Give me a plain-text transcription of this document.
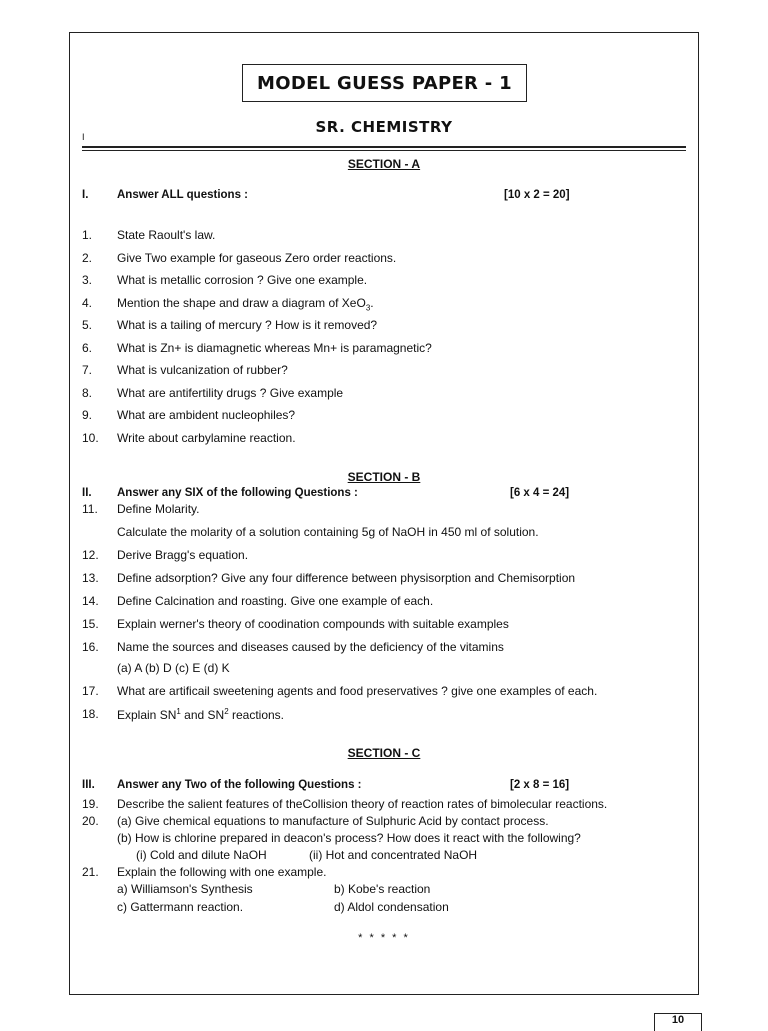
MODEL GUESS PAPER - 1
SR. CHEMISTRY
I
SECTION - A
I. Answer ALL questions :	[10 x 2 = 20]
1. State Raoult's law.
2. Give Two example for gaseous Zero order reactions.
3. What is metallic corrosion ? Give one example.
4. Mention the shape and draw a diagram of XeO$_3$.
5. What is a tailing of mercury ? How is it removed?
6. What is Zn+ is diamagnetic whereas Mn+ is paramagnetic?
7. What is vulcanization of rubber?
8. What are antifertility drugs ? Give example
9. What are ambident nucleophiles?
10. Write about carbylamine reaction.
SECTION - B
II. Answer any SIX of the following Questions :	[6 x 4 = 24]
11. Define Molarity.
Calculate the molarity of a solution containing 5g of NaOH in 450 ml of solution.
12. Derive Bragg's equation.
13. Define adsorption? Give any four difference between physisorption and Chemisorption
14. Define Calcination and roasting. Give one example of each.
15. Explain werner's theory of coodination compounds with suitable examples
16. Name the sources and diseases caused by the deficiency of the vitamins
(a) A (b) D (c) E (d) K
17. What are artificail sweetening agents and food preservatives ? give one examples of each.
18. Explain $SN^1$ and $SN^2$ reactions.
SECTION - C
III. Answer any Two of the following Questions :	[2 x 8 = 16]
19. Describe the salient features of theCollision theory of reaction rates of bimolecular reactions.
20. (a) Give chemical equations to manufacture of Sulphuric Acid by contact process.
(b) How is chlorine prepared in deacon's process? How does it react with the following?
(i) Cold and dilute NaOH	(ii) Hot and concentrated NaOH
21. Explain the following with one example.
a) Williamson's Synthesis	b) Kobe's reaction
c) Gattermann reaction.	d) Aldol condensation
* * * * *
10
